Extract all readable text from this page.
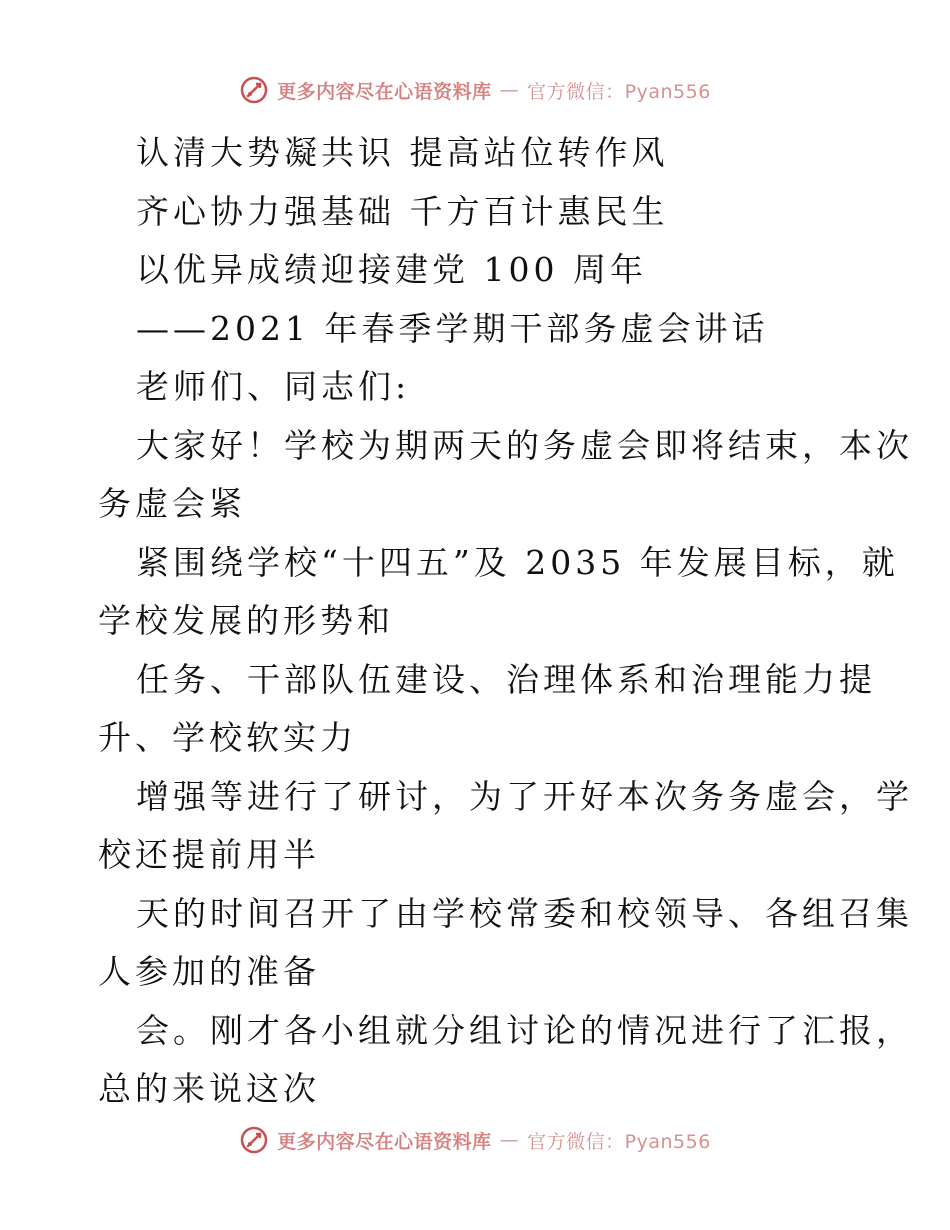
更多内容尽在心语资料库 — 官方微信：Pyan556
认清大势凝共识 提高站位转作风
齐心协力强基础 千方百计惠民生
以优异成绩迎接建党 100 周年
——2021 年春季学期干部务虚会讲话
老师们、同志们:
大家好！学校为期两天的务虚会即将结束，本次
务虚会紧
紧围绕学校“十四五”及 2035 年发展目标，就
学校发展的形势和
任务、干部队伍建设、治理体系和治理能力提
升、学校软实力
增强等进行了研讨，为了开好本次务务虚会，学
校还提前用半
天的时间召开了由学校常委和校领导、各组召集
人参加的准备
会。刚才各小组就分组讨论的情况进行了汇报，
总的来说这次
更多内容尽在心语资料库 — 官方微信：Pyan556
